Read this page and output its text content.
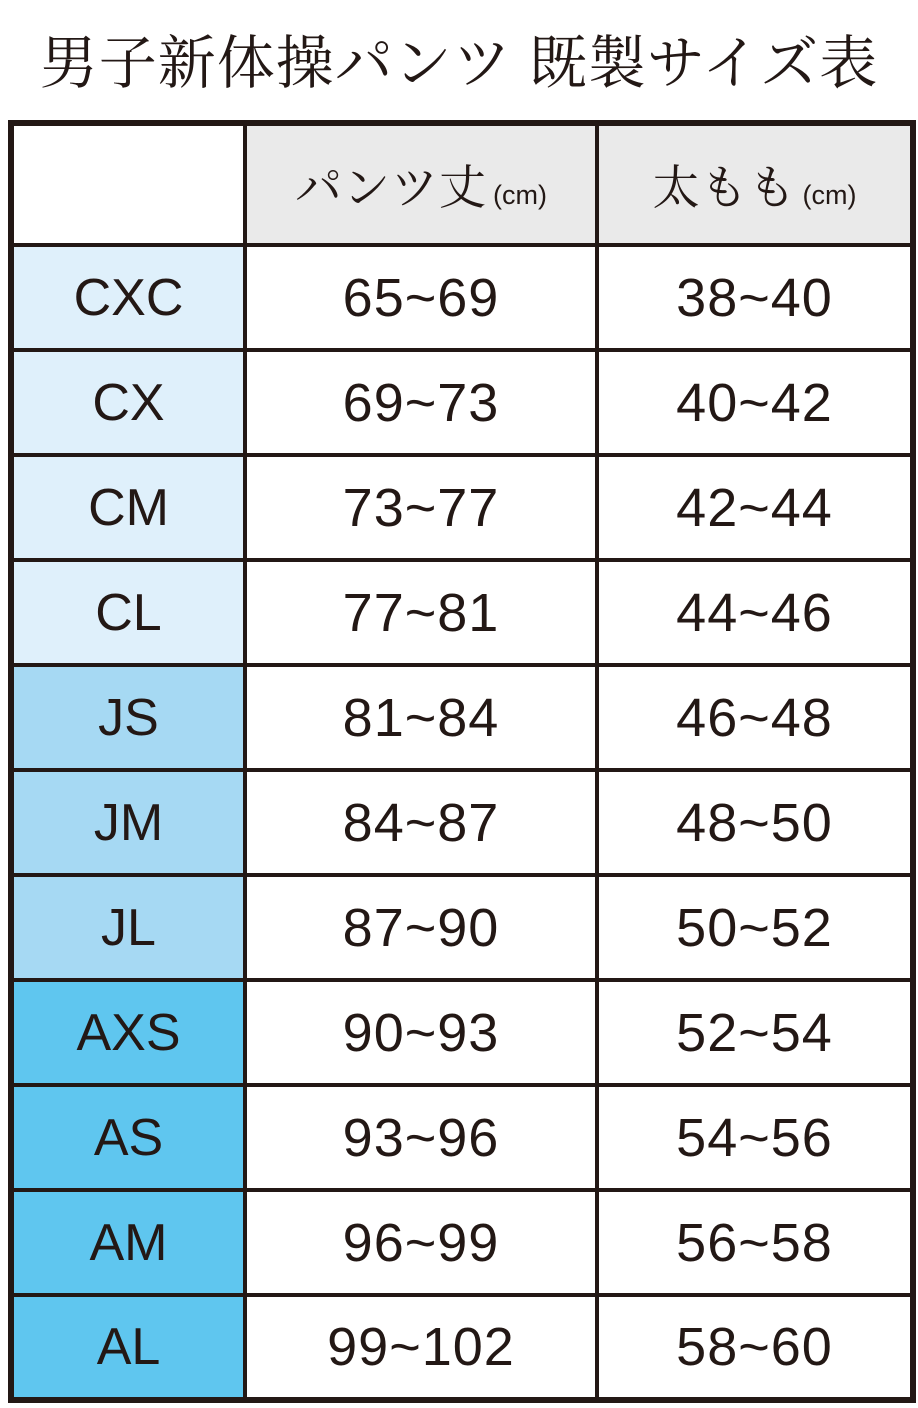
男子新体操パンツ 既製サイズ表
	パンツ丈 (cm)	太もも (cm)
CXC	65~69	38~40
CX	69~73	40~42
CM	73~77	42~44
CL	77~81	44~46
JS	81~84	46~48
JM	84~87	48~50
JL	87~90	50~52
AXS	90~93	52~54
AS	93~96	54~56
AM	96~99	56~58
AL	99~102	58~60
